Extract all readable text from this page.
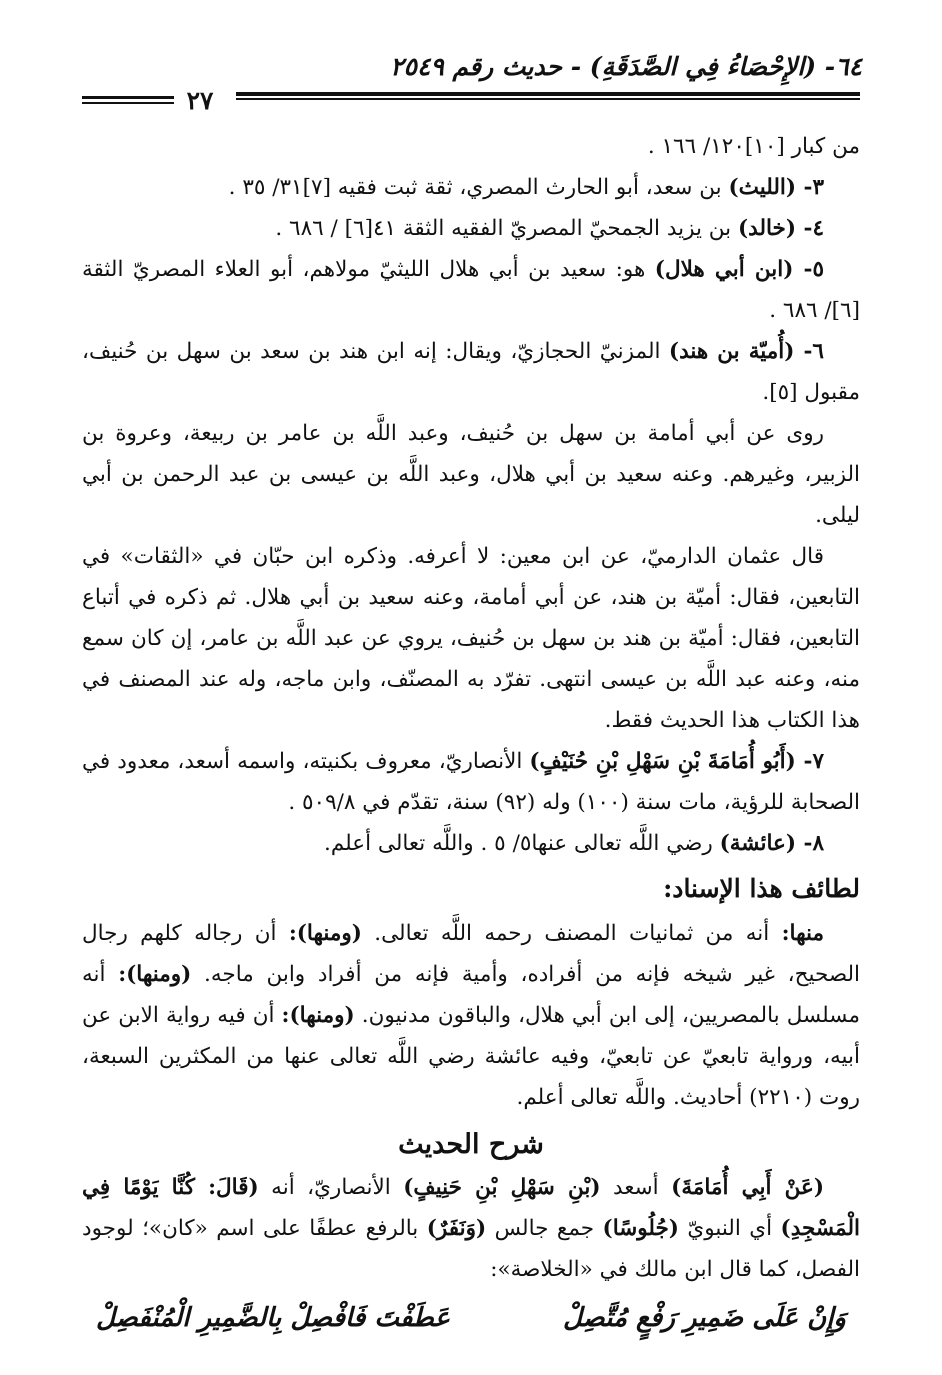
٦٤- (الإِحْصَاءُ فِي الصَّدَقَةِ) - حديث رقم ٢٥٤٩
٢٧

من كبار [١٠]١٢٠/ ١٦٦ .

٣- (الليث) بن سعد، أبو الحارث المصري، ثقة ثبت فقيه [٧]٣١/ ٣٥ .

٤- (خالد) بن يزيد الجمحيّ المصريّ الفقيه الثقة ٤١[٦] / ٦٨٦ .

٥- (ابن أبي هلال) هو: سعيد بن أبي هلال الليثيّ مولاهم، أبو العلاء المصريّ الثقة [٦]/ ٦٨٦ .

٦- (أُميّة بن هند) المزنيّ الحجازيّ، ويقال: إنه ابن هند بن سعد بن سهل بن حُنيف، مقبول [٥].

روى عن أبي أمامة بن سهل بن حُنيف، وعبد اللَّه بن عامر بن ربيعة، وعروة بن الزبير، وغيرهم. وعنه سعيد بن أبي هلال، وعبد اللَّه بن عيسى بن عبد الرحمن بن أبي ليلى.

قال عثمان الدارميّ، عن ابن معين: لا أعرفه. وذكره ابن حبّان في «الثقات» في التابعين، فقال: أميّة بن هند، عن أبي أمامة، وعنه سعيد بن أبي هلال. ثم ذكره في أتباع التابعين، فقال: أميّة بن هند بن سهل بن حُنيف، يروي عن عبد اللَّه بن عامر، إن كان سمع منه، وعنه عبد اللَّه بن عيسى انتهى. تفرّد به المصنّف، وابن ماجه، وله عند المصنف في هذا الكتاب هذا الحديث فقط.

٧- (أَبُو أُمَامَةَ بْنِ سَهْلِ بْنِ حُنَيْفٍ) الأنصاريّ، معروف بكنيته، واسمه أسعد، معدود في الصحابة للرؤية، مات سنة (١٠٠) وله (٩٢) سنة، تقدّم في ٥٠٩/٨ .

٨- (عائشة) رضي اللَّه تعالى عنها٥/ ٥ . واللَّه تعالى أعلم.

لطائف هذا الإسناد:

منها: أنه من ثمانيات المصنف رحمه اللَّه تعالى. (ومنها): أن رجاله كلهم رجال الصحيح، غير شيخه فإنه من أفراده، وأمية فإنه من أفراد وابن ماجه. (ومنها): أنه مسلسل بالمصريين، إلى ابن أبي هلال، والباقون مدنيون. (ومنها): أن فيه رواية الابن عن أبيه، ورواية تابعيّ عن تابعيّ، وفيه عائشة رضي اللَّه تعالى عنها من المكثرين السبعة، روت (٢٢١٠) أحاديث. واللَّه تعالى أعلم.

شرح الحديث

(عَنْ أَبِي أُمَامَةَ) أسعد (بْنِ سَهْلِ بْنِ حَنِيفٍ) الأنصاريّ، أنه (قَالَ: كُنَّا يَوْمًا فِي الْمَسْجِدِ) أي النبويّ (جُلُوسًا) جمع جالس (وَنَفَرٌ) بالرفع عطفًا على اسم «كان»؛ لوجود الفصل، كما قال ابن مالك في «الخلاصة»:

وَإِنْ عَلَى ضَمِيرِ رَفْعٍ مُتَّصِلْ
عَطَفْتَ فَافْصِلْ بِالضَّمِيرِ الْمُنْفَصِلْ
